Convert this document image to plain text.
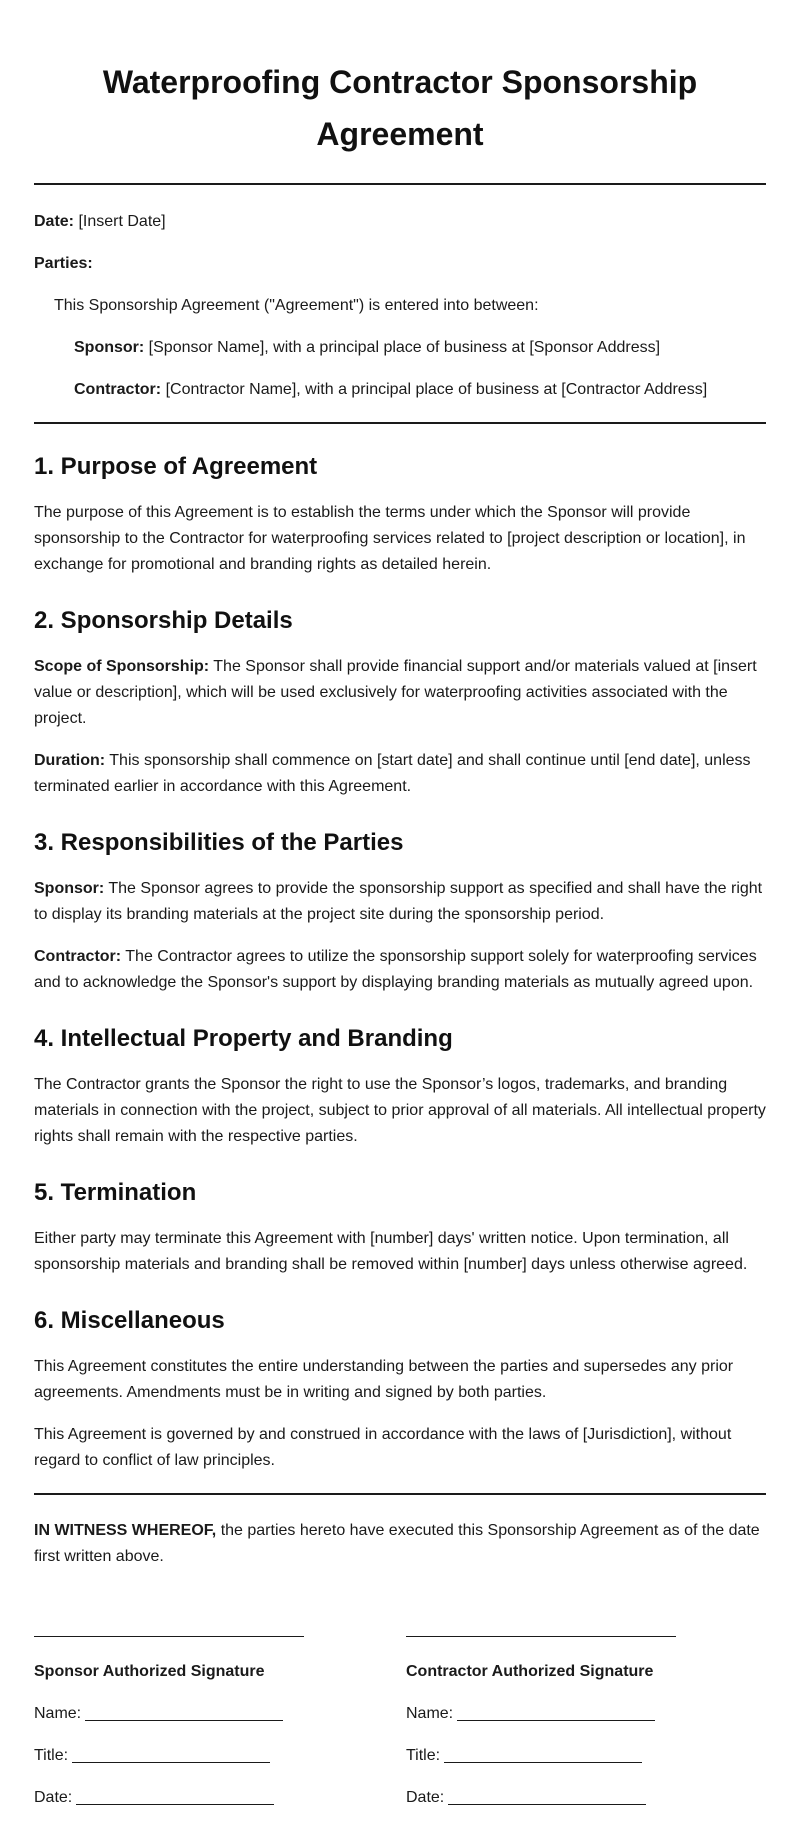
Waterproofing Contractor Sponsorship Agreement

Date: [Insert Date]

Parties:

This Sponsorship Agreement ("Agreement") is entered into between:

Sponsor: [Sponsor Name], with a principal place of business at [Sponsor Address]

Contractor: [Contractor Name], with a principal place of business at [Contractor Address]

1. Purpose of Agreement

The purpose of this Agreement is to establish the terms under which the Sponsor will provide sponsorship to the Contractor for waterproofing services related to [project description or location], in exchange for promotional and branding rights as detailed herein.

2. Sponsorship Details

Scope of Sponsorship: The Sponsor shall provide financial support and/or materials valued at [insert value or description], which will be used exclusively for waterproofing activities associated with the project.

Duration: This sponsorship shall commence on [start date] and shall continue until [end date], unless terminated earlier in accordance with this Agreement.

3. Responsibilities of the Parties

Sponsor: The Sponsor agrees to provide the sponsorship support as specified and shall have the right to display its branding materials at the project site during the sponsorship period.

Contractor: The Contractor agrees to utilize the sponsorship support solely for waterproofing services and to acknowledge the Sponsor's support by displaying branding materials as mutually agreed upon.

4. Intellectual Property and Branding

The Contractor grants the Sponsor the right to use the Sponsor’s logos, trademarks, and branding materials in connection with the project, subject to prior approval of all materials. All intellectual property rights shall remain with the respective parties.

5. Termination

Either party may terminate this Agreement with [number] days' written notice. Upon termination, all sponsorship materials and branding shall be removed within [number] days unless otherwise agreed.

6. Miscellaneous

This Agreement constitutes the entire understanding between the parties and supersedes any prior agreements. Amendments must be in writing and signed by both parties.

This Agreement is governed by and construed in accordance with the laws of [Jurisdiction], without regard to conflict of law principles.

IN WITNESS WHEREOF, the parties hereto have executed this Sponsorship Agreement as of the date first written above.

Sponsor Authorized Signature

Name:

Title:

Date:

Contractor Authorized Signature

Name:

Title:

Date:
